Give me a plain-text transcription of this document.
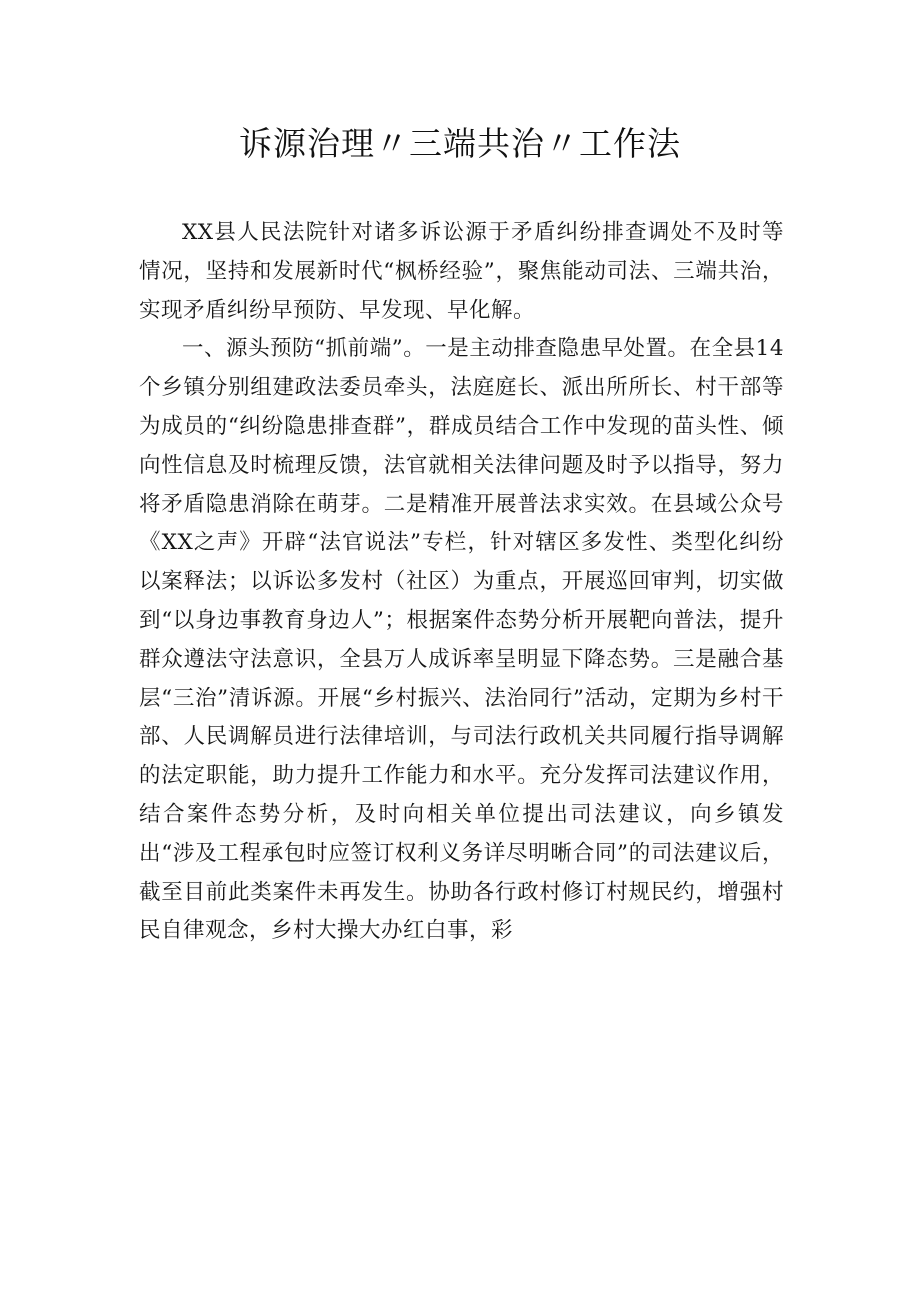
诉源治理〃三端共治〃工作法

XX县人民法院针对诸多诉讼源于矛盾纠纷排查调处不及时等情况，坚持和发展新时代“枫桥经验”，聚焦能动司法、三端共治，实现矛盾纠纷早预防、早发现、早化解。

一、源头预防“抓前端”。一是主动排查隐患早处置。在全县14个乡镇分别组建政法委员牵头，法庭庭长、派出所所长、村干部等为成员的“纠纷隐患排查群”，群成员结合工作中发现的苗头性、倾向性信息及时梳理反馈，法官就相关法律问题及时予以指导，努力将矛盾隐患消除在萌芽。二是精准开展普法求实效。在县域公众号《XX之声》开辟“法官说法”专栏，针对辖区多发性、类型化纠纷以案释法；以诉讼多发村（社区）为重点，开展巡回审判，切实做到“以身边事教育身边人”；根据案件态势分析开展靶向普法，提升群众遵法守法意识，全县万人成诉率呈明显下降态势。三是融合基层“三治”清诉源。开展“乡村振兴、法治同行”活动，定期为乡村干部、人民调解员进行法律培训，与司法行政机关共同履行指导调解的法定职能，助力提升工作能力和水平。充分发挥司法建议作用，结合案件态势分析，及时向相关单位提出司法建议，向乡镇发出“涉及工程承包时应签订权利义务详尽明晰合同”的司法建议后，截至目前此类案件未再发生。协助各行政村修订村规民约，增强村民自律观念，乡村大操大办红白事，彩
